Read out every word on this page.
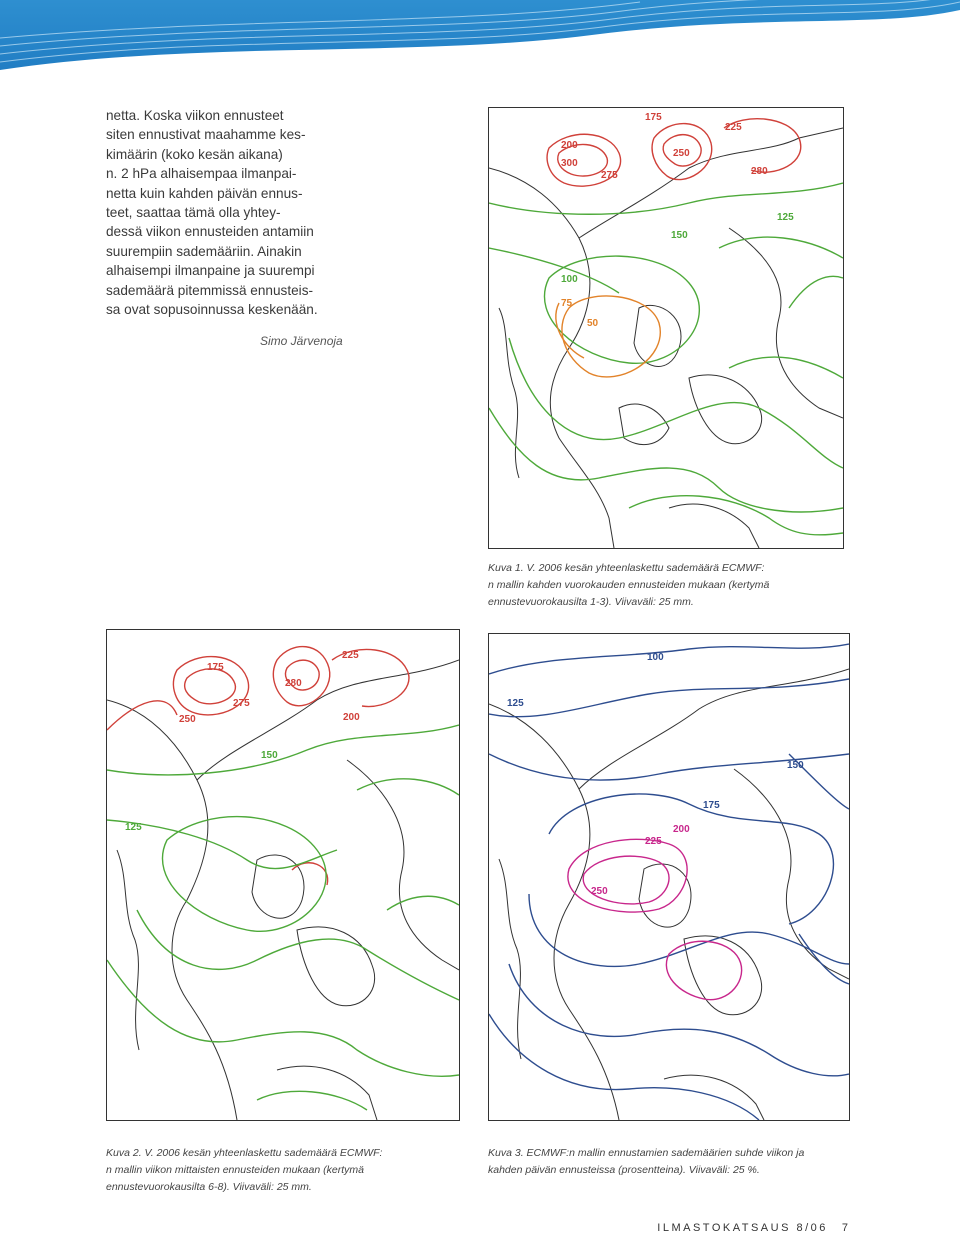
netta. Koska viikon ennusteet
siten ennustivat maahamme kes-
kimäärin (koko kesän aikana)
n. 2 hPa alhaisempaa ilmanpai-
netta kuin kahden päivän ennus-
teet, saattaa tämä olla yhtey-
dessä viikon ennusteiden antamiin
suurempiin sademääriin. Ainakin
alhaisempi ilmanpaine ja suurempi
sademäärä pitemmissä ennusteis-
sa ovat sopusoinnussa keskenään.
Simo Järvenoja
175
200
225
250
275	280
300
150
125
100
75
50
Kuva 1. V. 2006 kesän yhteenlaskettu sademäärä ECMWF:
n mallin kahden vuorokauden ennusteiden mukaan (kertymä
ennustevuorokausilta 1-3). Viivaväli: 25 mm.
125
150
175
200
225
250
275
280
100
125
150
175
200
225
250
Kuva 2. V. 2006 kesän yhteenlaskettu sademäärä ECMWF:
n mallin viikon mittaisten ennusteiden mukaan (kertymä
ennustevuorokausilta 6-8). Viivaväli: 25 mm.
Kuva 3. ECMWF:n mallin ennustamien sademäärien suhde viikon ja
kahden päivän ennusteissa (prosentteina). Viivaväli: 25 %.
ILMASTOKATSAUS 8/06 7
